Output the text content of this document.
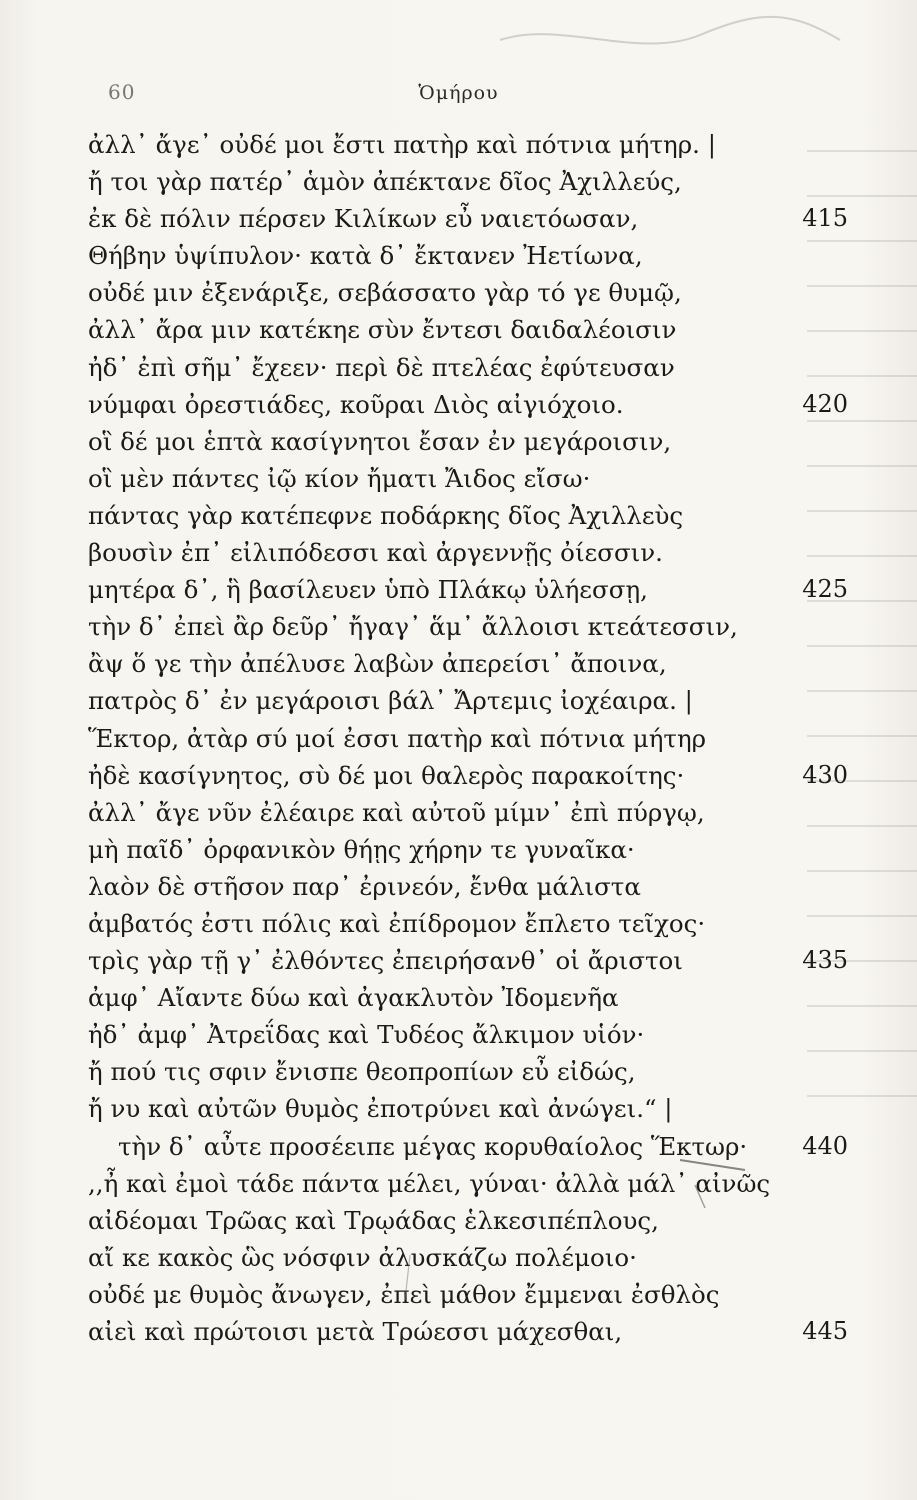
60	Ὁμήρου
ἀλλ᾽ ἄγε᾽ οὐδέ μοι ἔστι πατὴρ καὶ πότνια μήτηρ. |
ἤ τοι γὰρ πατέρ᾽ ἁμὸν ἀπέκτανε δῖος Ἀχιλλεύς,
ἐκ δὲ πόλιν πέρσεν Κιλίκων εὖ ναιετόωσαν,	415
Θήβην ὑψίπυλον· κατὰ δ᾽ ἔκτανεν Ἠετίωνα,
οὐδέ μιν ἐξενάριξε, σεβάσσατο γὰρ τό γε θυμῷ,
ἀλλ᾽ ἄρα μιν κατέκηε σὺν ἔντεσι δαιδαλέοισιν
ἠδ᾽ ἐπὶ σῆμ᾽ ἔχεεν· περὶ δὲ πτελέας ἐφύτευσαν
νύμφαι ὀρεστιάδες, κοῦραι Διὸς αἰγιόχοιο.	420
οἳ δέ μοι ἑπτὰ κασίγνητοι ἔσαν ἐν μεγάροισιν,
οἳ μὲν πάντες ἰῷ κίον ἤματι Ἄιδος εἴσω·
πάντας γὰρ κατέπεφνε ποδάρκης δῖος Ἀχιλλεὺς
βουσὶν ἐπ᾽ εἰλιπόδεσσι καὶ ἀργεννῇς ὀίεσσιν.
μητέρα δ᾽, ἣ βασίλευεν ὑπὸ Πλάκῳ ὑλήεσσῃ,	425
τὴν δ᾽ ἐπεὶ ἂρ δεῦρ᾽ ἤγαγ᾽ ἅμ᾽ ἄλλοισι κτεάτεσσιν,
ἂψ ὅ γε τὴν ἀπέλυσε λαβὼν ἀπερείσι᾽ ἄποινα,
πατρὸς δ᾽ ἐν μεγάροισι βάλ᾽ Ἄρτεμις ἰοχέαιρα. |
Ἕκτορ, ἀτὰρ σύ μοί ἐσσι πατὴρ καὶ πότνια μήτηρ
ἠδὲ κασίγνητος, σὺ δέ μοι θαλερὸς παρακοίτης·	430
ἀλλ᾽ ἄγε νῦν ἐλέαιρε καὶ αὐτοῦ μίμν᾽ ἐπὶ πύργῳ,
μὴ παῖδ᾽ ὀρφανικὸν θήῃς χήρην τε γυναῖκα·
λαὸν δὲ στῆσον παρ᾽ ἐρινεόν, ἔνθα μάλιστα
ἀμβατός ἐστι πόλις καὶ ἐπίδρομον ἔπλετο τεῖχος·
τρὶς γὰρ τῇ γ᾽ ἐλθόντες ἐπειρήσανθ᾽ οἱ ἄριστοι	435
ἀμφ᾽ Αἴαντε δύω καὶ ἀγακλυτὸν Ἰδομενῆα
ἠδ᾽ ἀμφ᾽ Ἀτρεΐδας καὶ Τυδέος ἄλκιμον υἱόν·
ἤ πού τις σφιν ἔνισπε θεοπροπίων εὖ εἰδώς,
ἤ νυ καὶ αὐτῶν θυμὸς ἐποτρύνει καὶ ἀνώγει.“ |
τὴν δ᾽ αὖτε προσέειπε μέγας κορυθαίολος Ἕκτωρ· 440
,,ἦ καὶ ἐμοὶ τάδε πάντα μέλει, γύναι· ἀλλὰ μάλ᾽ αἰνῶς
αἰδέομαι Τρῶας καὶ Τρῳάδας ἑλκεσιπέπλους,
αἴ κε κακὸς ὣς νόσφιν ἀλυσκάζω πολέμοιο·
οὐδέ με θυμὸς ἄνωγεν, ἐπεὶ μάθον ἔμμεναι ἐσθλὸς
αἰεὶ καὶ πρώτοισι μετὰ Τρώεσσι μάχεσθαι,	445
